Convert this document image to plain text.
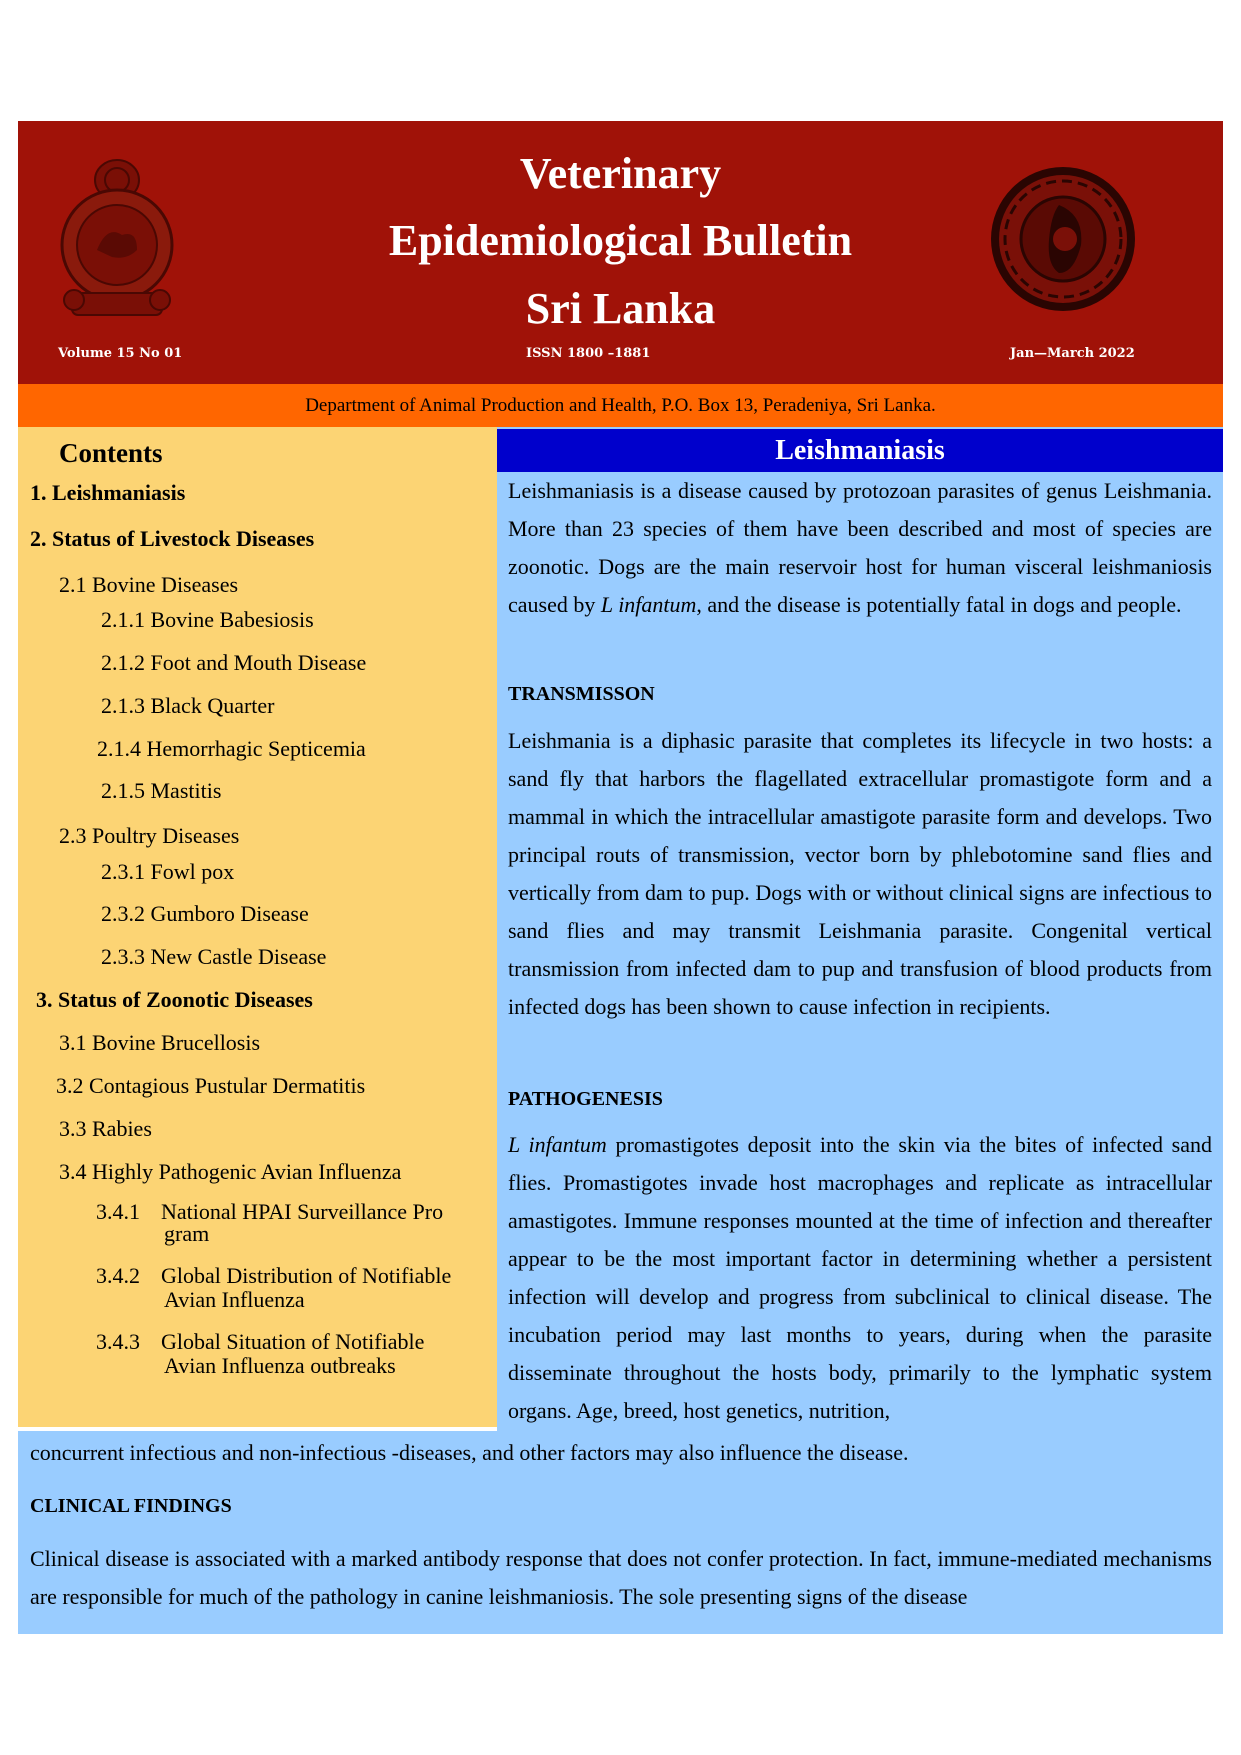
Veterinary
Epidemiological Bulletin
Sri Lanka
Volume 15 No 01	ISSN 1800 –1881	Jan—March 2022
Department of Animal Production and Health, P.O. Box 13, Peradeniya, Sri Lanka.
Contents
1. Leishmaniasis
2. Status of Livestock Diseases
2.1 Bovine Diseases
2.1.1 Bovine Babesiosis
2.1.2 Foot and Mouth Disease
2.1.3 Black Quarter
2.1.4 Hemorrhagic Septicemia
2.1.5 Mastitis
2.3 Poultry Diseases
2.3.1 Fowl pox
2.3.2 Gumboro Disease
2.3.3 New Castle Disease
3. Status of Zoonotic Diseases
3.1 Bovine Brucellosis
3.2 Contagious Pustular Dermatitis
3.3 Rabies
3.4 Highly Pathogenic Avian Influenza
3.4.1 National HPAI Surveillance Pro
gram
3.4.2 Global Distribution of Notifiable
Avian Influenza
3.4.3 Global Situation of Notifiable
Avian Influenza outbreaks
Leishmaniasis

Leishmaniasis is a disease caused by protozoan parasites of genus Leishmania. More than 23 species of them have been described and most of species are zoonotic. Dogs are the main reservoir host for human visceral leishmaniosis caused by L infantum, and the disease is potentially fatal in dogs and people.

TRANSMISSON

Leishmania is a diphasic parasite that completes its lifecycle in two hosts: a sand fly that harbors the flagellated extracellular promastigote form and a mammal in which the intracellular amastigote parasite form and develops. Two principal routs of transmission, vector born by phlebotomine sand flies and vertically from dam to pup. Dogs with or without clinical signs are infectious to sand flies and may transmit Leishmania parasite. Congenital vertical transmission from infected dam to pup and transfusion of blood products from infected dogs has been shown to cause infection in recipients.

PATHOGENESIS

L infantum promastigotes deposit into the skin via the bites of infected sand flies. Promastigotes invade host macrophages and replicate as intracellular amastigotes. Immune responses mounted at the time of infection and thereafter appear to be the most important factor in determining whether a persistent infection will develop and progress from subclinical to clinical disease. The incubation period may last months to years, during when the parasite disseminate throughout the hosts body, primarily to the lymphatic system organs. Age, breed, host genetics, nutrition,

concurrent infectious and non-infectious -diseases, and other factors may also influence the disease.

CLINICAL FINDINGS

Clinical disease is associated with a marked antibody response that does not confer protection. In fact, immune-mediated mechanisms are responsible for much of the pathology in canine leishmaniosis. The sole presenting signs of the disease
